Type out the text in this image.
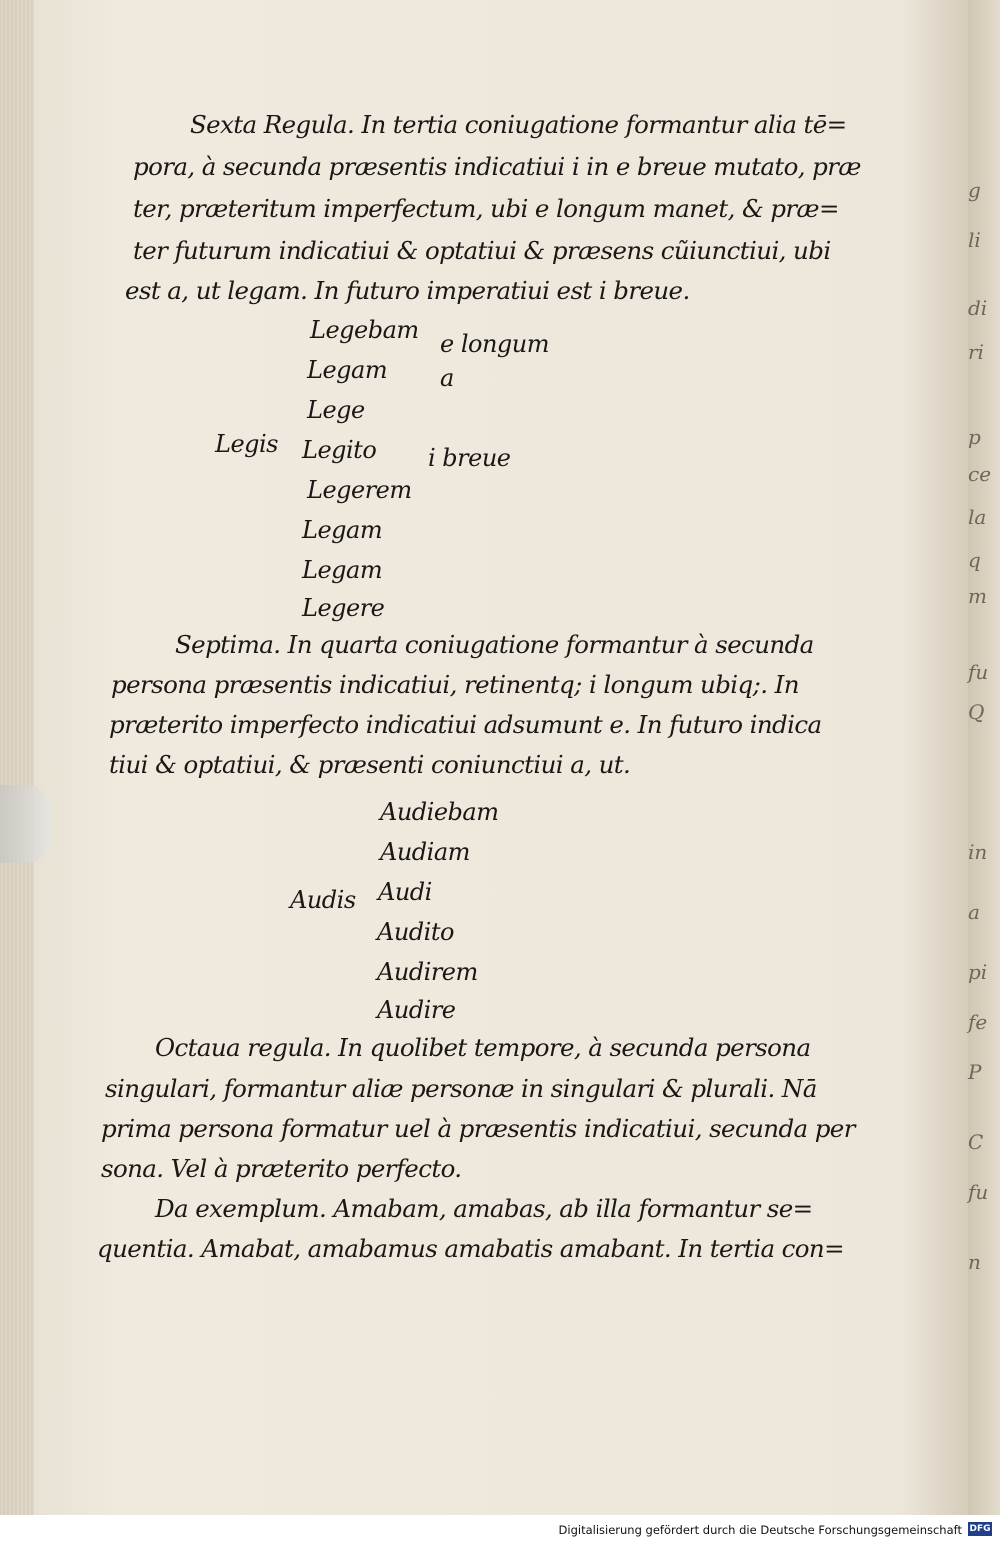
g
li
di
ri
p
ce
la
q
m
fu
Q
in
a
pi
fe
P
C
fu
n
Sexta Regula. In tertia coniugatione formantur alia tē=
pora, à secunda præsentis indicatiui i in e breue mutato, præ
ter, præteritum imperfectum, ubi e longum manet, & præ=
ter futurum indicatiui & optatiui & præsens cũiunctiui, ubi
est a, ut legam. In futuro imperatiui est i breue.
Legis
Legebam
Legam
Lege
Legito
Legerem
Legam
Legam
Legere
e longum
a
i breue
Septima. In quarta coniugatione formantur à secunda
persona præsentis indicatiui, retinentq; i longum ubiq;. In
præterito imperfecto indicatiui adsumunt e. In futuro indica
tiui & optatiui, & præsenti coniunctiui a, ut.
Audis
Audiebam
Audiam
Audi
Audito
Audirem
Audire
Octaua regula. In quolibet tempore, à secunda persona
singulari, formantur aliæ personæ in singulari & plurali. Nā
prima persona formatur uel à præsentis indicatiui, secunda per
sona. Vel à præterito perfecto.
Da exemplum. Amabam, amabas, ab illa formantur se=
quentia. Amabat, amabamus amabatis amabant. In tertia con=
Digitalisierung gefördert durch die Deutsche Forschungsgemeinschaft DFG
